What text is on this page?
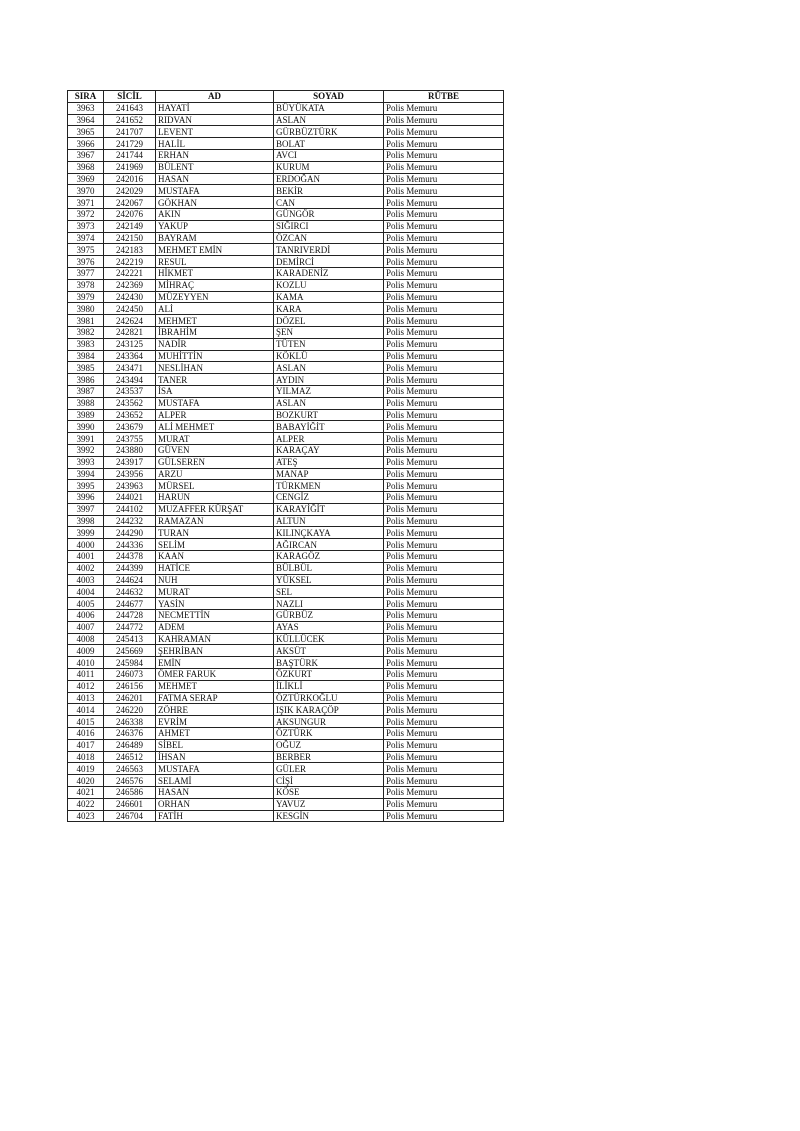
SIRA	SİCİL	AD	SOYAD	RÜTBE
3963	241643	HAYATİ	BÜYÜKATA	Polis Memuru
3964	241652	RIDVAN	ASLAN	Polis Memuru
3965	241707	LEVENT	GÜRBÜZTÜRK	Polis Memuru
3966	241729	HALİL	BOLAT	Polis Memuru
3967	241744	ERHAN	AVCI	Polis Memuru
3968	241969	BÜLENT	KURUM	Polis Memuru
3969	242016	HASAN	ERDOĞAN	Polis Memuru
3970	242029	MUSTAFA	BEKİR	Polis Memuru
3971	242067	GÖKHAN	CAN	Polis Memuru
3972	242076	AKIN	GÜNGÖR	Polis Memuru
3973	242149	YAKUP	SIĞIRCI	Polis Memuru
3974	242150	BAYRAM	ÖZCAN	Polis Memuru
3975	242183	MEHMET EMİN	TANRIVERDİ	Polis Memuru
3976	242219	RESUL	DEMİRCİ	Polis Memuru
3977	242221	HİKMET	KARADENİZ	Polis Memuru
3978	242369	MİHRAÇ	KOZLU	Polis Memuru
3979	242430	MÜZEYYEN	KAMA	Polis Memuru
3980	242450	ALİ	KARA	Polis Memuru
3981	242624	MEHMET	DÖZEL	Polis Memuru
3982	242821	İBRAHİM	ŞEN	Polis Memuru
3983	243125	NADİR	TÜTEN	Polis Memuru
3984	243364	MUHİTTİN	KÖKLÜ	Polis Memuru
3985	243471	NESLİHAN	ASLAN	Polis Memuru
3986	243494	TANER	AYDIN	Polis Memuru
3987	243537	İSA	YILMAZ	Polis Memuru
3988	243562	MUSTAFA	ASLAN	Polis Memuru
3989	243652	ALPER	BOZKURT	Polis Memuru
3990	243679	ALİ MEHMET	BABAYİĞİT	Polis Memuru
3991	243755	MURAT	ALPER	Polis Memuru
3992	243880	GÜVEN	KARAÇAY	Polis Memuru
3993	243917	GÜLSEREN	ATEŞ	Polis Memuru
3994	243956	ARZU	MANAP	Polis Memuru
3995	243963	MÜRSEL	TÜRKMEN	Polis Memuru
3996	244021	HARUN	CENGİZ	Polis Memuru
3997	244102	MUZAFFER KÜRŞAT	KARAYİĞİT	Polis Memuru
3998	244232	RAMAZAN	ALTUN	Polis Memuru
3999	244290	TURAN	KILINÇKAYA	Polis Memuru
4000	244336	SELİM	AĞIRCAN	Polis Memuru
4001	244378	KAAN	KARAGÖZ	Polis Memuru
4002	244399	HATİCE	BÜLBÜL	Polis Memuru
4003	244624	NUH	YÜKSEL	Polis Memuru
4004	244632	MURAT	SEL	Polis Memuru
4005	244677	YASİN	NAZLI	Polis Memuru
4006	244728	NECMETTİN	GÜRBÜZ	Polis Memuru
4007	244772	ADEM	AYAS	Polis Memuru
4008	245413	KAHRAMAN	KÜLLÜCEK	Polis Memuru
4009	245669	ŞEHRİBAN	AKSÜT	Polis Memuru
4010	245984	EMİN	BAŞTÜRK	Polis Memuru
4011	246073	ÖMER FARUK	ÖZKURT	Polis Memuru
4012	246156	MEHMET	İLİKLİ	Polis Memuru
4013	246201	FATMA SERAP	ÖZTÜRKOĞLU	Polis Memuru
4014	246220	ZÖHRE	IŞIK KARAÇÖP	Polis Memuru
4015	246338	EVRİM	AKSUNGUR	Polis Memuru
4016	246376	AHMET	ÖZTÜRK	Polis Memuru
4017	246489	SİBEL	OĞUZ	Polis Memuru
4018	246512	İHSAN	BERBER	Polis Memuru
4019	246563	MUSTAFA	GÜLER	Polis Memuru
4020	246576	SELAMİ	CİŞİ	Polis Memuru
4021	246586	HASAN	KÖSE	Polis Memuru
4022	246601	ORHAN	YAVUZ	Polis Memuru
4023	246704	FATİH	KESGİN	Polis Memuru
